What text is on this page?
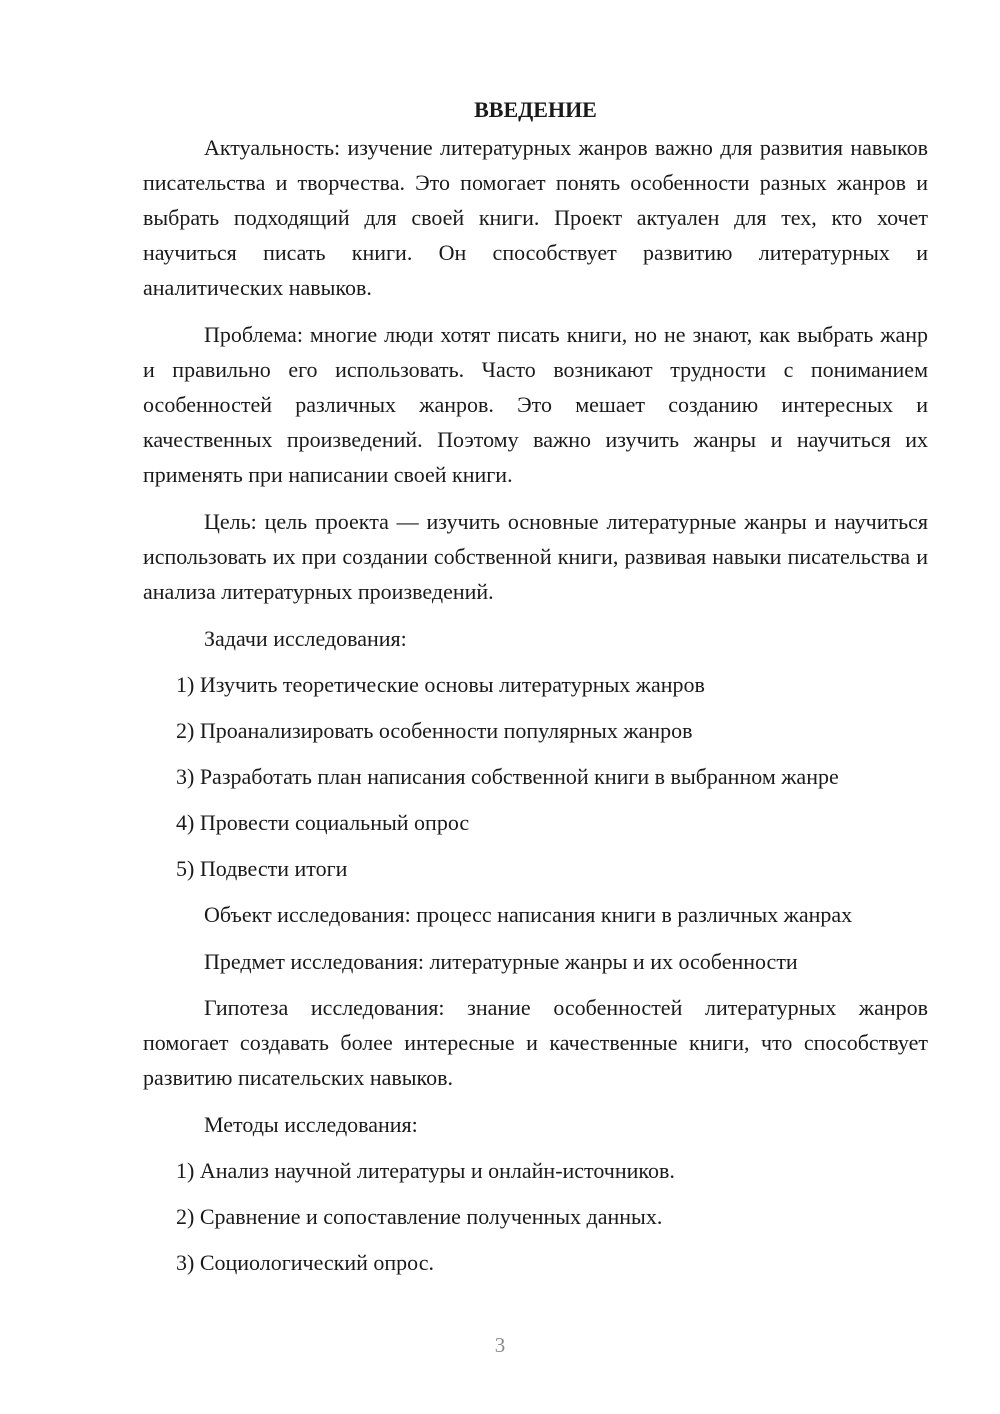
ВВЕДЕНИЕ

Актуальность: изучение литературных жанров важно для развития навыков писательства и творчества. Это помогает понять особенности разных жанров и выбрать подходящий для своей книги. Проект актуален для тех, кто хочет научиться писать книги. Он способствует развитию литературных и аналитических навыков.

Проблема: многие люди хотят писать книги, но не знают, как выбрать жанр и правильно его использовать. Часто возникают трудности с пониманием особенностей различных жанров. Это мешает созданию интересных и качественных произведений. Поэтому важно изучить жанры и научиться их применять при написании своей книги.

Цель: цель проекта — изучить основные литературные жанры и научиться использовать их при создании собственной книги, развивая навыки писательства и анализа литературных произведений.

Задачи исследования:
1) Изучить теоретические основы литературных жанров
2) Проанализировать особенности популярных жанров
3) Разработать план написания собственной книги в выбранном жанре
4) Провести социальный опрос
5) Подвести итоги

Объект исследования: процесс написания книги в различных жанрах

Предмет исследования: литературные жанры и их особенности

Гипотеза исследования: знание особенностей литературных жанров помогает создавать более интересные и качественные книги, что способствует развитию писательских навыков.

Методы исследования:
1) Анализ научной литературы и онлайн-источников.
2) Сравнение и сопоставление полученных данных.
3) Социологический опрос.
3
